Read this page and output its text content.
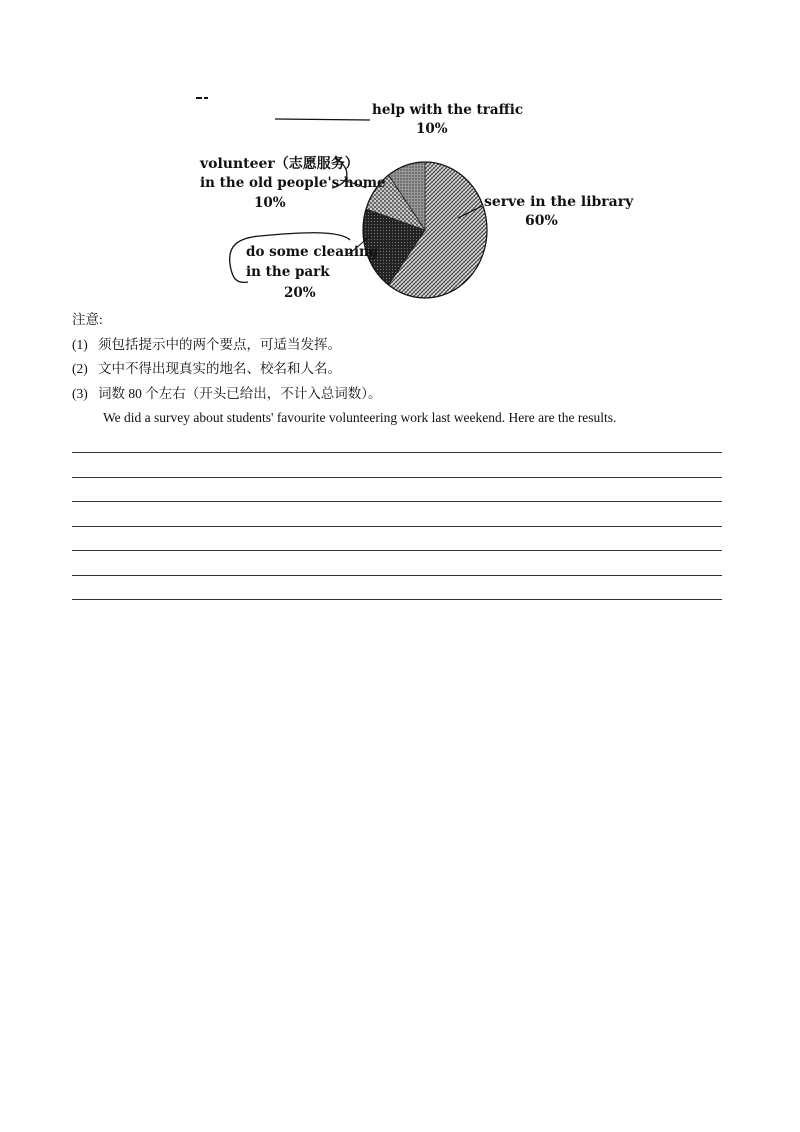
help with the traffic
10%
volunteer（志愿服务）
in the old people's home
10%	serve in the library
60%
do some cleaning
in the park
20%
注意:
(1) 须包括提示中的两个要点，可适当发挥。
(2) 文中不得出现真实的地名、校名和人名。
(3) 词数 80 个左右（开头已给出，不计入总词数）。
We did a survey about students' favourite volunteering work last weekend. Here are the results.
